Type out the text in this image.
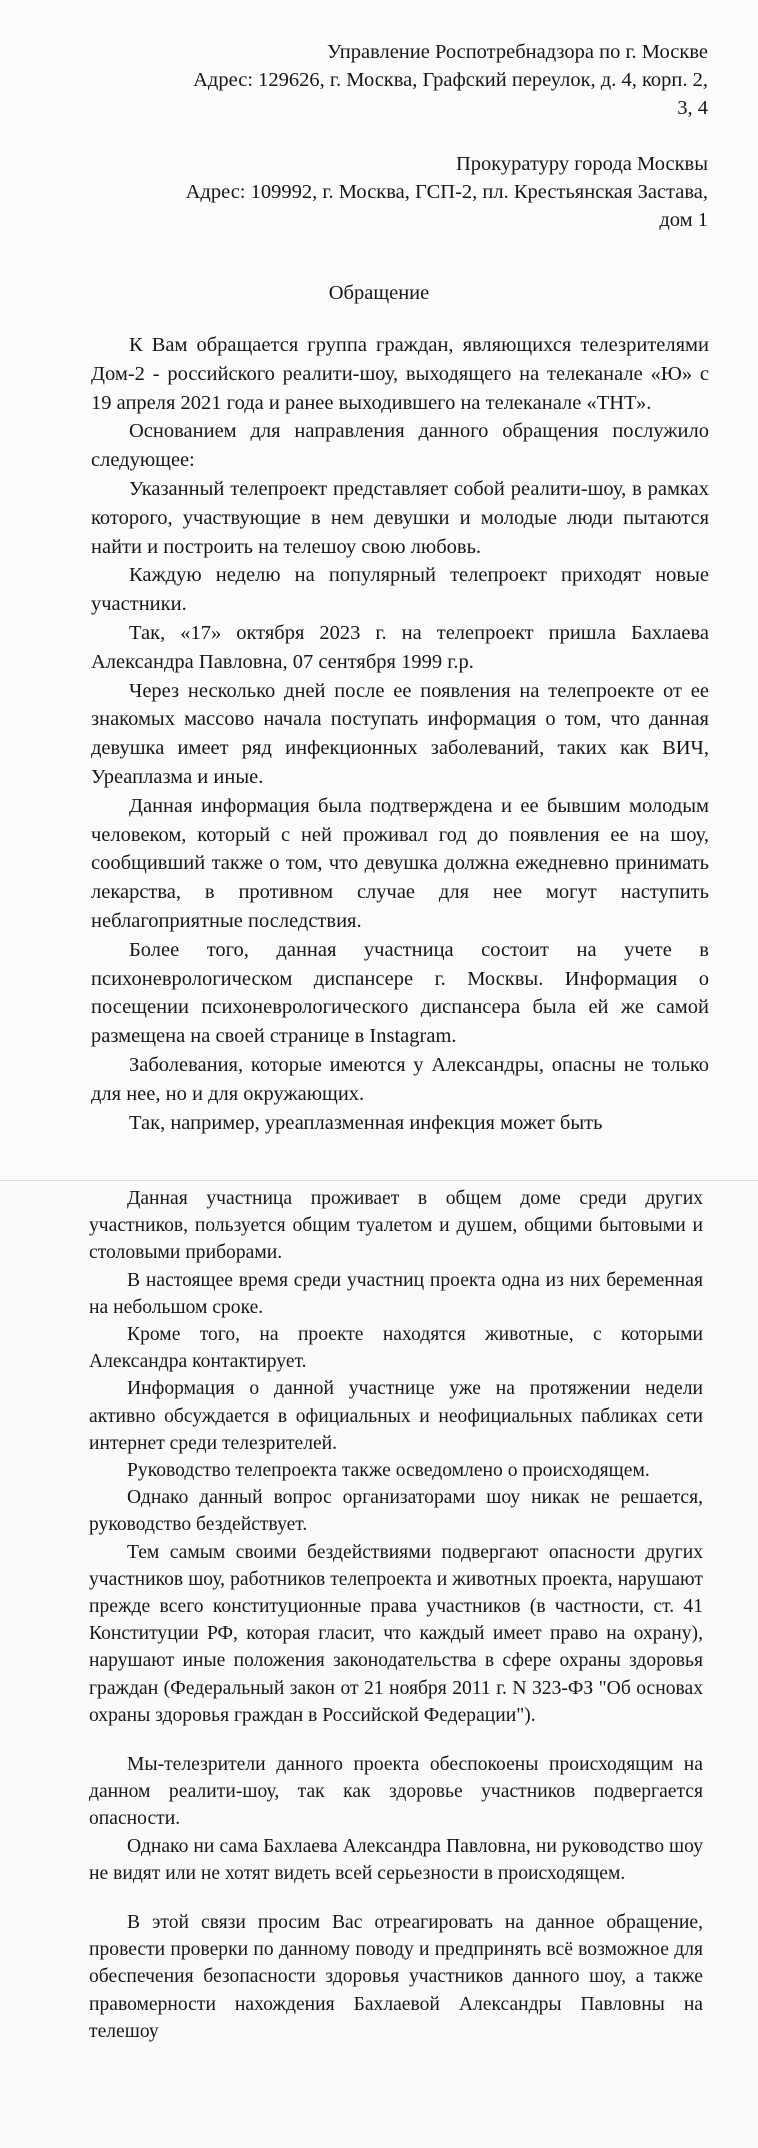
Управление Роспотребнадзора по г. Москве
Адрес: 129626, г. Москва, Графский переулок, д. 4, корп. 2,
3, 4
Прокуратуру города Москвы
Адрес: 109992, г. Москва, ГСП-2, пл. Крестьянская Застава,
дом 1
Обращение

К Вам обращается группа граждан, являющихся телезрителями Дом-2 - российского реалити-шоу, выходящего на телеканале «Ю» с 19 апреля 2021 года и ранее выходившего на телеканале «ТНТ».

Основанием для направления данного обращения послужило следующее:

Указанный телепроект представляет собой реалити-шоу, в рамках которого, участвующие в нем девушки и молодые люди пытаются найти и построить на телешоу свою любовь.

Каждую неделю на популярный телепроект приходят новые участники.

Так, «17» октября 2023 г. на телепроект пришла Бахлаева Александра Павловна, 07 сентября 1999 г.р.

Через несколько дней после ее появления на телепроекте от ее знакомых массово начала поступать информация о том, что данная девушка имеет ряд инфекционных заболеваний, таких как ВИЧ, Уреаплазма и иные.

Данная информация была подтверждена и ее бывшим молодым человеком, который с ней проживал год до появления ее на шоу, сообщивший также о том, что девушка должна ежедневно принимать лекарства, в противном случае для нее могут наступить неблагоприятные последствия.

Более того, данная участница состоит на учете в психоневрологическом диспансере г. Москвы. Информация о посещении психоневрологического диспансера была ей же самой размещена на своей странице в Instagram.

Заболевания, которые имеются у Александры, опасны не только для нее, но и для окружающих.

Так, например, уреаплазменная инфекция может быть

Данная участница проживает в общем доме среди других участников, пользуется общим туалетом и душем, общими бытовыми и столовыми приборами.

В настоящее время среди участниц проекта одна из них беременная на небольшом сроке.

Кроме того, на проекте находятся животные, с которыми Александра контактирует.

Информация о данной участнице уже на протяжении недели активно обсуждается в официальных и неофициальных пабликах сети интернет среди телезрителей.

Руководство телепроекта также осведомлено о происходящем.

Однако данный вопрос организаторами шоу никак не решается, руководство бездействует.

Тем самым своими бездействиями подвергают опасности других участников шоу, работников телепроекта и животных проекта, нарушают прежде всего конституционные права участников (в частности, ст. 41 Конституции РФ, которая гласит, что каждый имеет право на охрану), нарушают иные положения законодательства в сфере охраны здоровья граждан (Федеральный закон от 21 ноября 2011 г. N 323-ФЗ "Об основах охраны здоровья граждан в Российской Федерации").

Мы-телезрители данного проекта обеспокоены происходящим на данном реалити-шоу, так как здоровье участников подвергается опасности.

Однако ни сама Бахлаева Александра Павловна, ни руководство шоу не видят или не хотят видеть всей серьезности в происходящем.

В этой связи просим Вас отреагировать на данное обращение, провести проверки по данному поводу и предпринять всё возможное для обеспечения безопасности здоровья участников данного шоу, а также правомерности нахождения Бахлаевой Александры Павловны на телешоу
